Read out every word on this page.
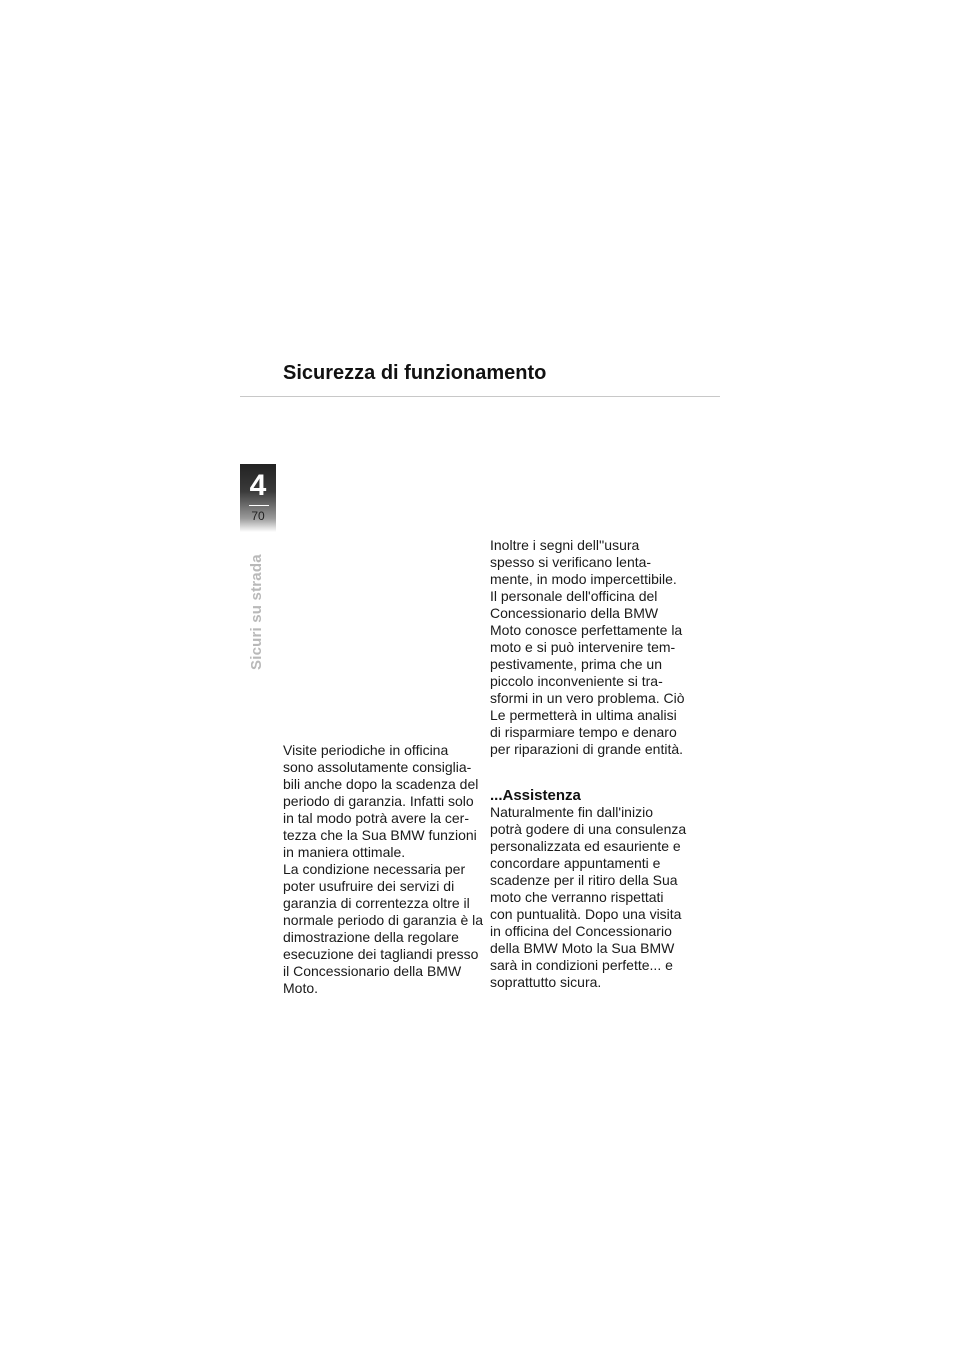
Sicurezza di funzionamento
4
70
Sicuri su strada
Visite periodiche in officina
sono assolutamente consiglia-
bili anche dopo la scadenza del
periodo di garanzia. Infatti solo
in tal modo potrà avere la cer-
tezza che la Sua BMW funzioni
in maniera ottimale.
La condizione necessaria per
poter usufruire dei servizi di
garanzia di correntezza oltre il
normale periodo di garanzia è la
dimostrazione della regolare
esecuzione dei tagliandi presso
il Concessionario della BMW
Moto.
Inoltre i segni dell''usura
spesso si verificano lenta-
mente, in modo impercettibile.
Il personale dell'officina del
Concessionario della BMW
Moto conosce perfettamente la
moto e si può intervenire tem-
pestivamente, prima che un
piccolo inconveniente si tra-
sformi in un vero problema. Ciò
Le permetterà in ultima analisi
di risparmiare tempo e denaro
per riparazioni di grande entità.
...Assistenza
Naturalmente fin dall'inizio
potrà godere di una consulenza
personalizzata ed esauriente e
concordare appuntamenti e
scadenze per il ritiro della Sua
moto che verranno rispettati
con puntualità. Dopo una visita
in officina del Concessionario
della BMW Moto la Sua BMW
sarà in condizioni perfette... e
soprattutto sicura.
